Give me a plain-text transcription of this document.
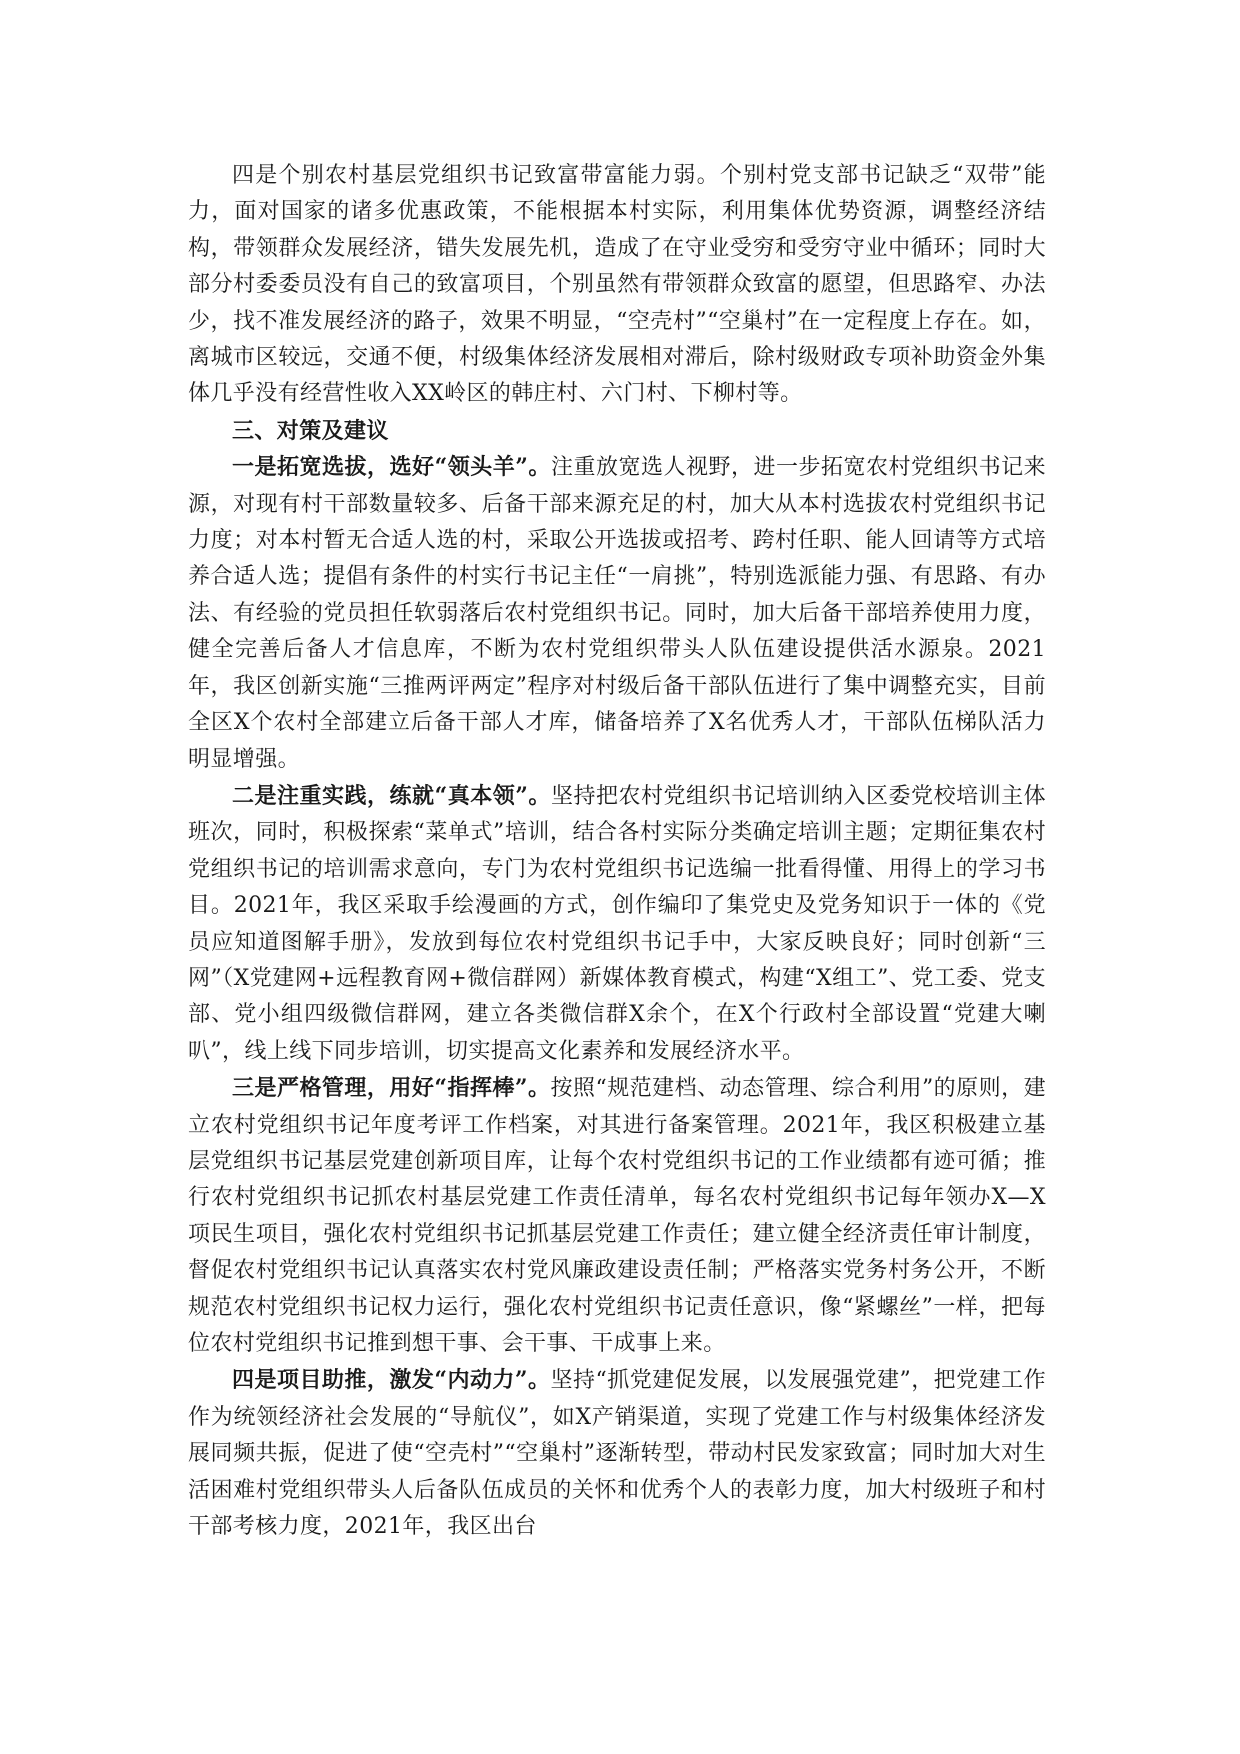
四是个别农村基层党组织书记致富带富能力弱。个别村党支部书记缺乏“双带”能力，面对国家的诸多优惠政策，不能根据本村实际，利用集体优势资源，调整经济结构，带领群众发展经济，错失发展先机，造成了在守业受穷和受穷守业中循环；同时大部分村委委员没有自己的致富项目，个别虽然有带领群众致富的愿望，但思路窄、办法少，找不准发展经济的路子，效果不明显，“空壳村”“空巢村”在一定程度上存在。如，离城市区较远，交通不便，村级集体经济发展相对滞后，除村级财政专项补助资金外集体几乎没有经营性收入XX岭区的韩庄村、六门村、下柳村等。

三、对策及建议

一是拓宽选拔，选好“领头羊”。注重放宽选人视野，进一步拓宽农村党组织书记来源，对现有村干部数量较多、后备干部来源充足的村，加大从本村选拔农村党组织书记力度；对本村暂无合适人选的村，采取公开选拔或招考、跨村任职、能人回请等方式培养合适人选；提倡有条件的村实行书记主任“一肩挑”，特别选派能力强、有思路、有办法、有经验的党员担任软弱落后农村党组织书记。同时，加大后备干部培养使用力度，健全完善后备人才信息库，不断为农村党组织带头人队伍建设提供活水源泉。2021年，我区创新实施“三推两评两定”程序对村级后备干部队伍进行了集中调整充实，目前全区X个农村全部建立后备干部人才库，储备培养了X名优秀人才，干部队伍梯队活力明显增强。

二是注重实践，练就“真本领”。坚持把农村党组织书记培训纳入区委党校培训主体班次，同时，积极探索“菜单式”培训，结合各村实际分类确定培训主题；定期征集农村党组织书记的培训需求意向，专门为农村党组织书记选编一批看得懂、用得上的学习书目。2021年，我区采取手绘漫画的方式，创作编印了集党史及党务知识于一体的《党员应知道图解手册》，发放到每位农村党组织书记手中，大家反映良好；同时创新“三网”（X党建网+远程教育网+微信群网）新媒体教育模式，构建“X组工”、党工委、党支部、党小组四级微信群网，建立各类微信群X余个，在X个行政村全部设置“党建大喇叭”，线上线下同步培训，切实提高文化素养和发展经济水平。

三是严格管理，用好“指挥棒”。按照“规范建档、动态管理、综合利用”的原则，建立农村党组织书记年度考评工作档案，对其进行备案管理。2021年，我区积极建立基层党组织书记基层党建创新项目库，让每个农村党组织书记的工作业绩都有迹可循；推行农村党组织书记抓农村基层党建工作责任清单，每名农村党组织书记每年领办X—X项民生项目，强化农村党组织书记抓基层党建工作责任；建立健全经济责任审计制度，督促农村党组织书记认真落实农村党风廉政建设责任制；严格落实党务村务公开，不断规范农村党组织书记权力运行，强化农村党组织书记责任意识，像“紧螺丝”一样，把每位农村党组织书记推到想干事、会干事、干成事上来。

四是项目助推，激发“内动力”。坚持“抓党建促发展，以发展强党建”，把党建工作作为统领经济社会发展的“导航仪”，如X产销渠道，实现了党建工作与村级集体经济发展同频共振，促进了使“空壳村”“空巢村”逐渐转型，带动村民发家致富；同时加大对生活困难村党组织带头人后备队伍成员的关怀和优秀个人的表彰力度，加大村级班子和村干部考核力度，2021年，我区出台
